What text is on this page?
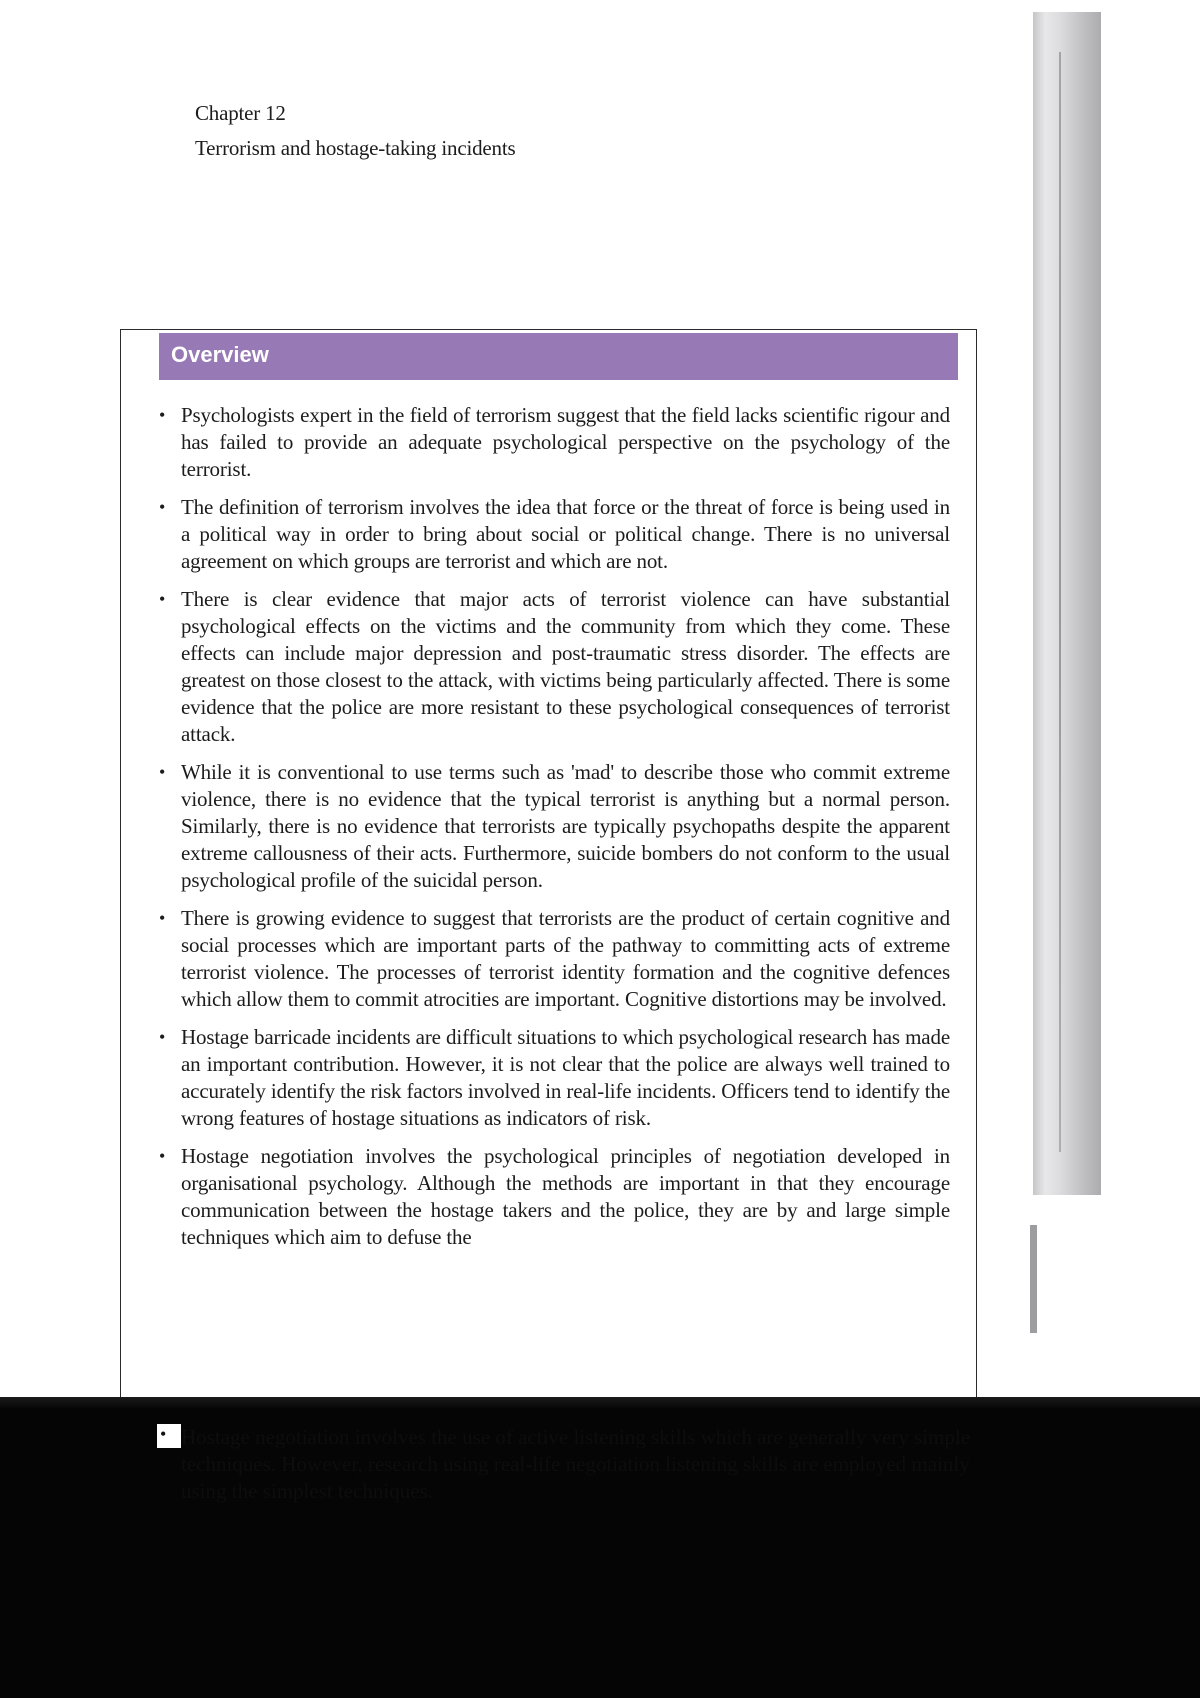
Chapter 12
Terrorism and hostage-taking incidents
Overview
• Psychologists expert in the field of terrorism suggest that the field lacks scientific rigour and has failed to provide an adequate psychological perspective on the psychology of the terrorist.
• The definition of terrorism involves the idea that force or the threat of force is being used in a political way in order to bring about social or political change. There is no universal agreement on which groups are terrorist and which are not.
• There is clear evidence that major acts of terrorist violence can have substantial psychological effects on the victims and the community from which they come. These effects can include major depression and post-traumatic stress disorder. The effects are greatest on those closest to the attack, with victims being particularly affected. There is some evidence that the police are more resistant to these psychological consequences of terrorist attack.
• While it is conventional to use terms such as 'mad' to describe those who commit extreme violence, there is no evidence that the typical terrorist is anything but a normal person. Similarly, there is no evidence that terrorists are typically psychopaths despite the apparent extreme callousness of their acts. Furthermore, suicide bombers do not conform to the usual psychological profile of the suicidal person.
• There is growing evidence to suggest that terrorists are the product of certain cognitive and social processes which are important parts of the pathway to committing acts of extreme terrorist violence. The processes of terrorist identity formation and the cognitive defences which allow them to commit atrocities are important. Cognitive distortions may be involved.
• Hostage barricade incidents are difficult situations to which psychological research has made an important contribution. However, it is not clear that the police are always well trained to accurately identify the risk factors involved in real-life incidents. Officers tend to identify the wrong features of hostage situations as indicators of risk.
• Hostage negotiation involves the psychological principles of negotiation developed in organisational psychology. Although the methods are important in that they encourage communication between the hostage takers and the police, they are by and large simple techniques which aim to defuse the
Hostage negotiation involves the use of active listening skills which are generally very simple techniques. However, research using real-life negotiation listening skills are employed mainly using the simplest techniques.
•
